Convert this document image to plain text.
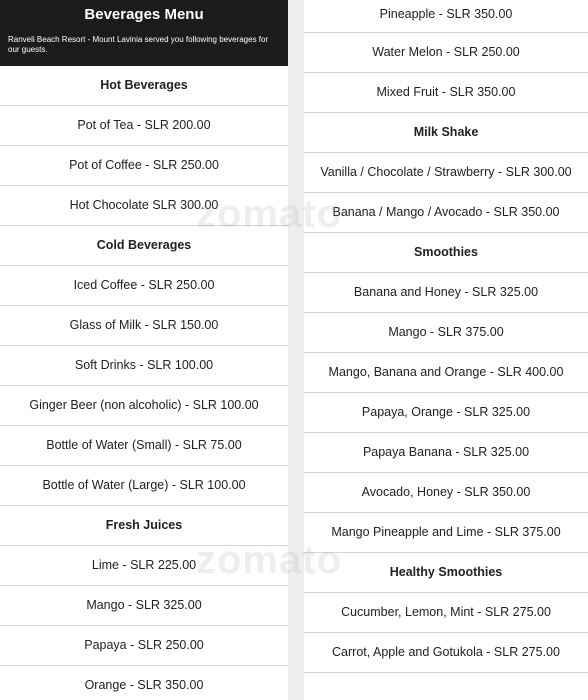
Beverages Menu
Ranveli Beach Resort - Mount Lavinia served you following beverages for our guests.
Hot Beverages
Pot of Tea - SLR 200.00
Pot of Coffee - SLR 250.00
Hot Chocolate SLR 300.00
Cold Beverages
Iced Coffee - SLR 250.00
Glass of Milk - SLR 150.00
Soft Drinks - SLR 100.00
Ginger Beer (non alcoholic) - SLR 100.00
Bottle of Water (Small) - SLR 75.00
Bottle of Water (Large) - SLR 100.00
Fresh Juices
Lime - SLR 225.00
Mango - SLR 325.00
Papaya - SLR 250.00
Orange - SLR 350.00
Pineapple - SLR 350.00
Water Melon - SLR 250.00
Mixed Fruit - SLR 350.00
Milk Shake
Vanilla / Chocolate / Strawberry - SLR 300.00
Banana / Mango / Avocado - SLR 350.00
Smoothies
Banana and Honey - SLR 325.00
Mango - SLR 375.00
Mango, Banana and Orange - SLR 400.00
Papaya, Orange - SLR 325.00
Papaya Banana - SLR 325.00
Avocado, Honey - SLR 350.00
Mango Pineapple and Lime - SLR 375.00
Healthy Smoothies
Cucumber, Lemon, Mint - SLR 275.00
Carrot, Apple and Gotukola - SLR 275.00
